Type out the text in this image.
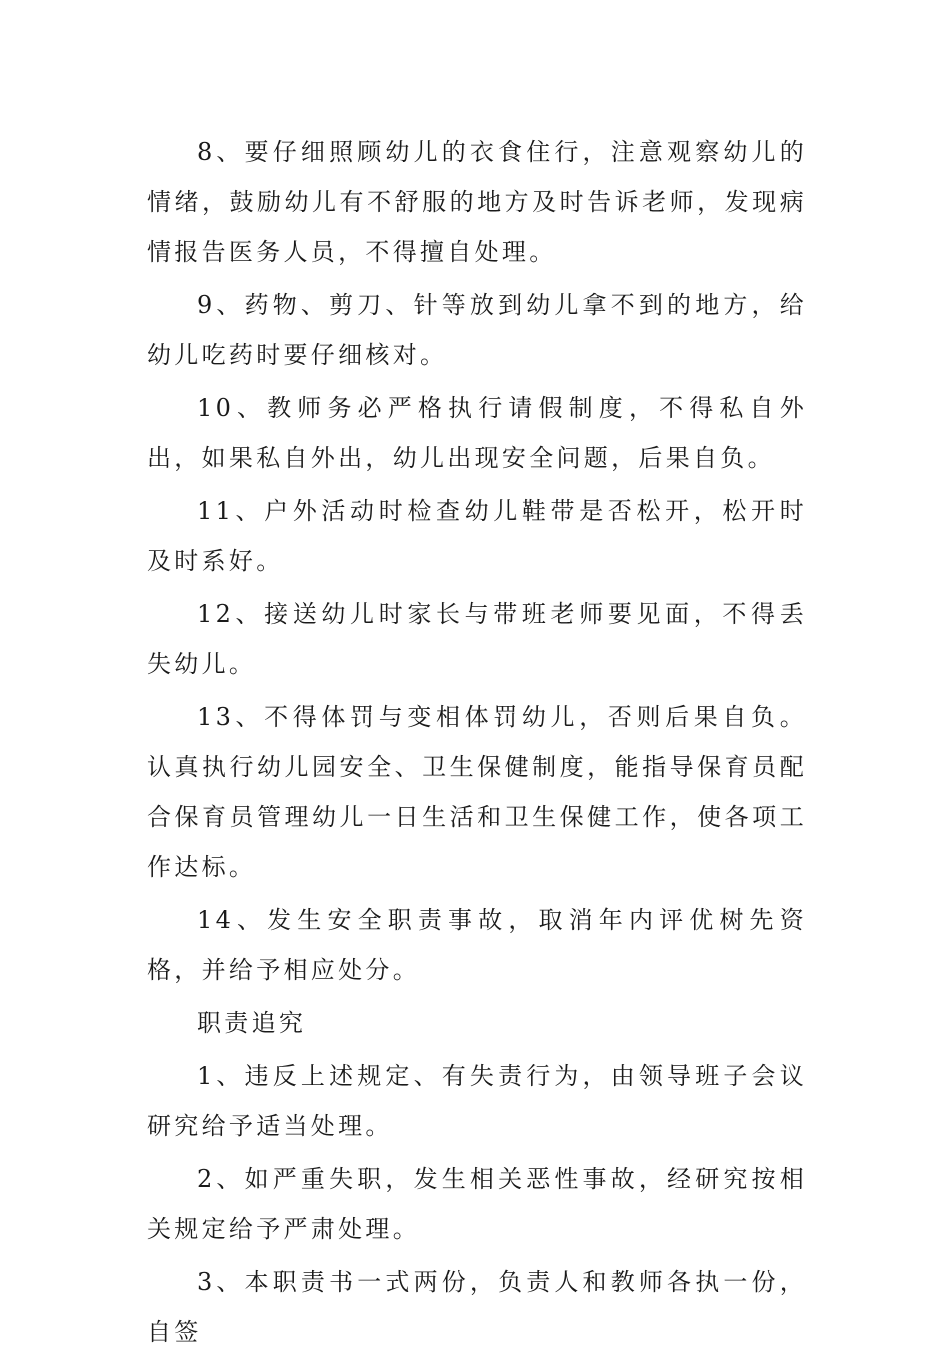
8、要仔细照顾幼儿的衣食住行，注意观察幼儿的情绪，鼓励幼儿有不舒服的地方及时告诉老师，发现病情报告医务人员，不得擅自处理。

9、药物、剪刀、针等放到幼儿拿不到的地方，给幼儿吃药时要仔细核对。

10、教师务必严格执行请假制度，不得私自外出，如果私自外出，幼儿出现安全问题，后果自负。

11、户外活动时检查幼儿鞋带是否松开，松开时及时系好。

12、接送幼儿时家长与带班老师要见面，不得丢失幼儿。

13、不得体罚与变相体罚幼儿，否则后果自负。认真执行幼儿园安全、卫生保健制度，能指导保育员配合保育员管理幼儿一日生活和卫生保健工作，使各项工作达标。

14、发生安全职责事故，取消年内评优树先资格，并给予相应处分。

职责追究

1、违反上述规定、有失责行为，由领导班子会议研究给予适当处理。

2、如严重失职，发生相关恶性事故，经研究按相关规定给予严肃处理。

3、本职责书一式两份，负责人和教师各执一份，自签
